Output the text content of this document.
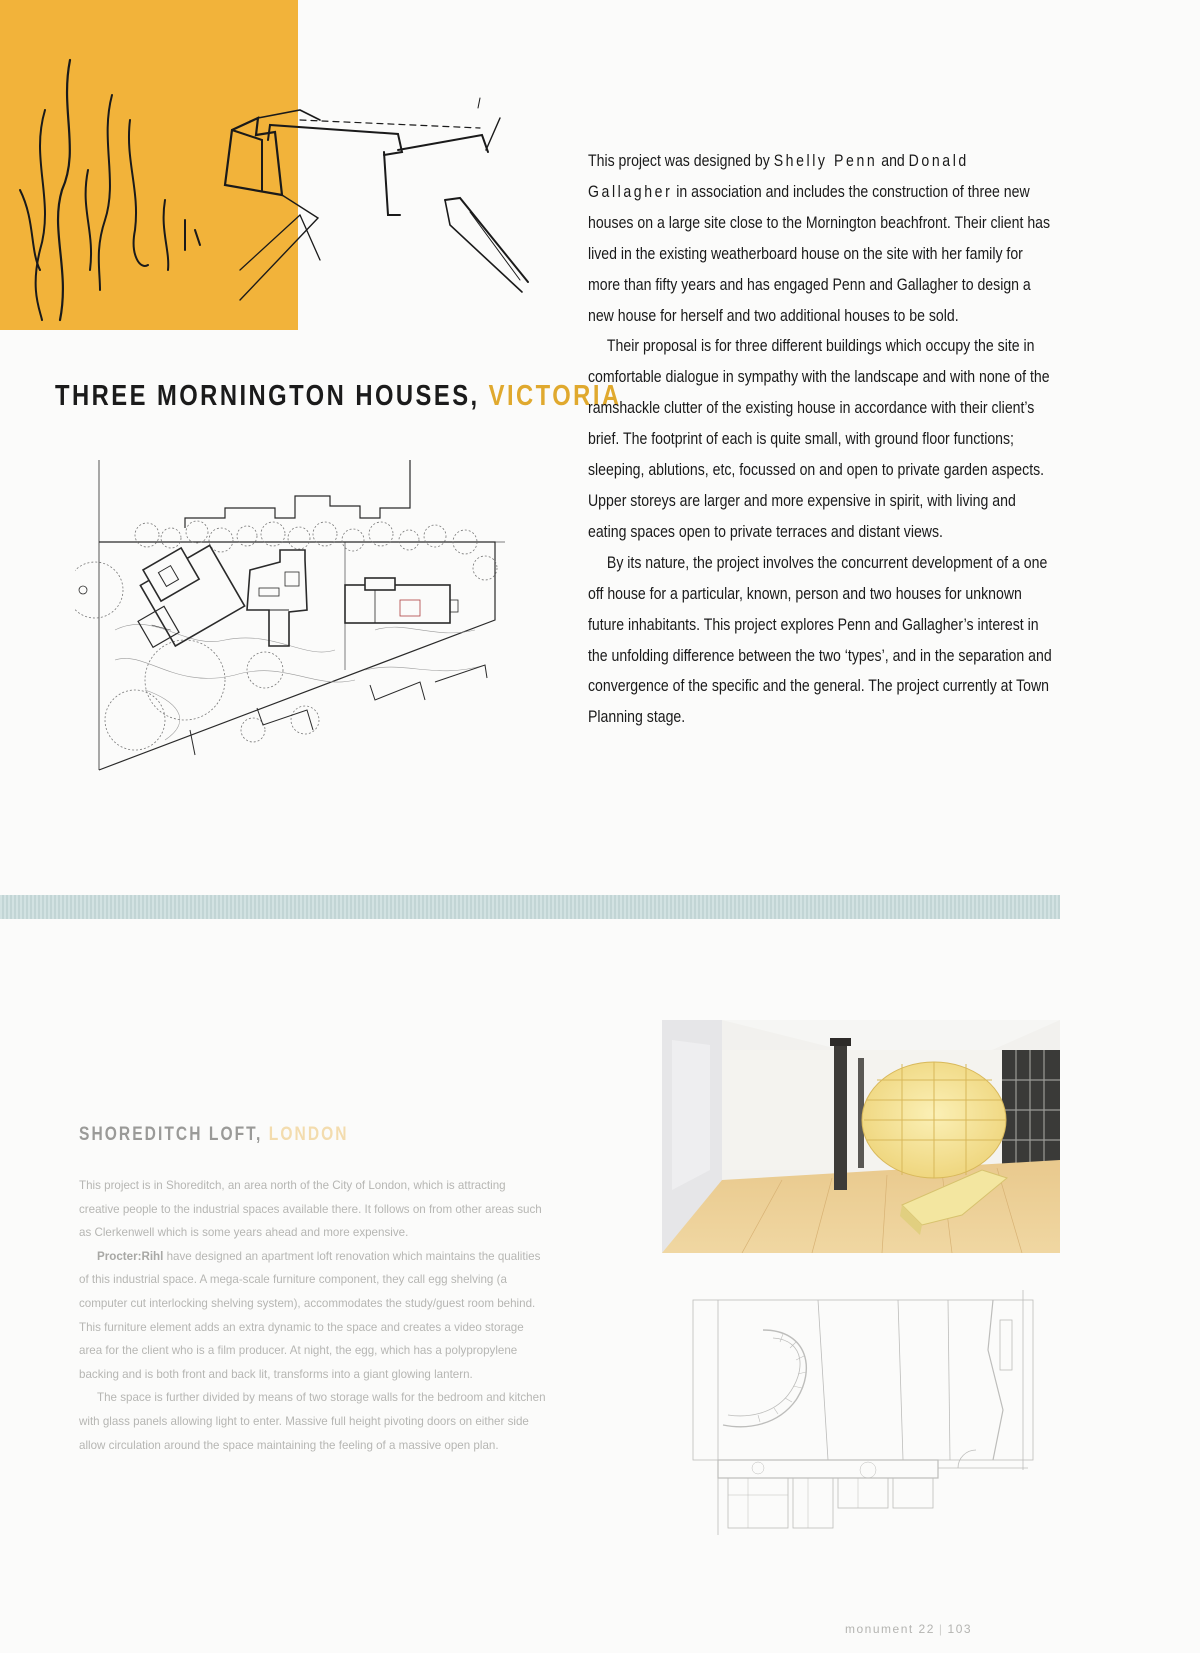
THREE MORNINGTON HOUSES, VICTORIA

This project was designed by Shelly Penn and Donald Gallagher in association and includes the construction of three new houses on a large site close to the Mornington beachfront. Their client has lived in the existing weatherboard house on the site with her family for more than fifty years and has engaged Penn and Gallagher to design a new house for herself and two additional houses to be sold.

Their proposal is for three different buildings which occupy the site in comfortable dialogue in sympathy with the landscape and with none of the ramshackle clutter of the existing house in accordance with their client’s brief. The footprint of each is quite small, with ground floor functions; sleeping, ablutions, etc, focussed on and open to private garden aspects. Upper storeys are larger and more expensive in spirit, with living and eating spaces open to private terraces and distant views.

By its nature, the project involves the concurrent development of a one off house for a particular, known, person and two houses for unknown future inhabitants. This project explores Penn and Gallagher’s interest in the unfolding difference between the two ‘types’, and in the separation and convergence of the specific and the general. The project currently at Town Planning stage.

SHOREDITCH LOFT, LONDON

This project is in Shoreditch, an area north of the City of London, which is attracting creative people to the industrial spaces available there. It follows on from other areas such as Clerkenwell which is some years ahead and more expensive.

Procter:Rihl have designed an apartment loft renovation which maintains the qualities of this industrial space. A mega-scale furniture component, they call egg shelving (a computer cut interlocking shelving system), accommodates the study/guest room behind. This furniture element adds an extra dynamic to the space and creates a video storage area for the client who is a film producer. At night, the egg, which has a polypropylene backing and is both front and back lit, transforms into a giant glowing lantern.

The space is further divided by means of two storage walls for the bedroom and kitchen with glass panels allowing light to enter. Massive full height pivoting doors on either side allow circulation around the space maintaining the feeling of a massive open plan.

monument 22 | 103
